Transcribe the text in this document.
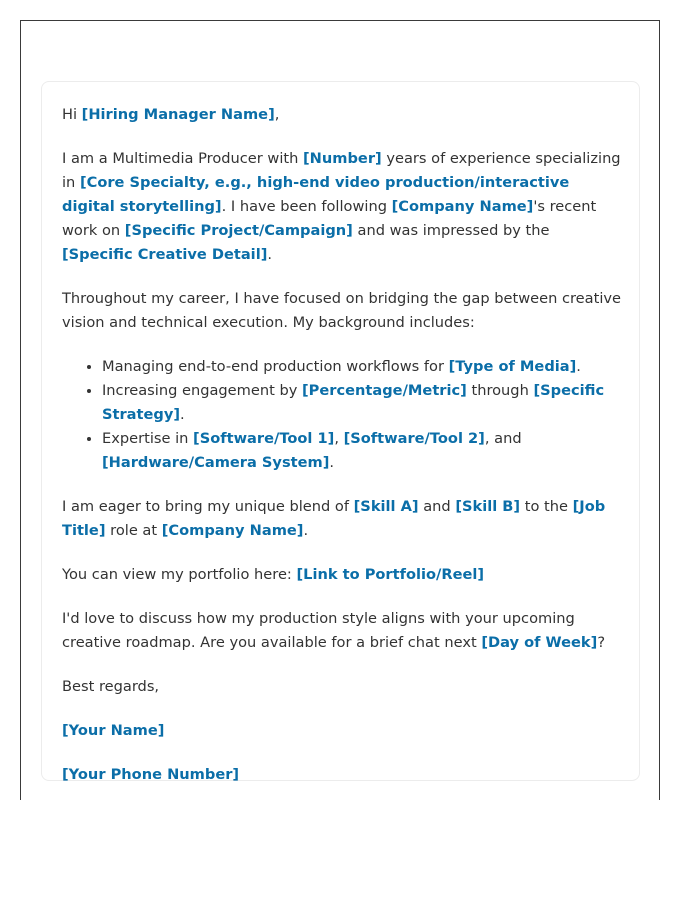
Hi [Hiring Manager Name],

I am a Multimedia Producer with [Number] years of experience specializing in [Core Specialty, e.g., high-end video production/interactive digital storytelling]. I have been following [Company Name]'s recent work on [Specific Project/Campaign] and was impressed by the [Specific Creative Detail].

Throughout my career, I have focused on bridging the gap between creative vision and technical execution. My background includes:

• Managing end-to-end production workflows for [Type of Media].
• Increasing engagement by [Percentage/Metric] through [Specific Strategy].
• Expertise in [Software/Tool 1], [Software/Tool 2], and [Hardware/Camera System].

I am eager to bring my unique blend of [Skill A] and [Skill B] to the [Job Title] role at [Company Name].

You can view my portfolio here: [Link to Portfolio/Reel]

I'd love to discuss how my production style aligns with your upcoming creative roadmap. Are you available for a brief chat next [Day of Week]?

Best regards,

[Your Name]

[Your Phone Number]
